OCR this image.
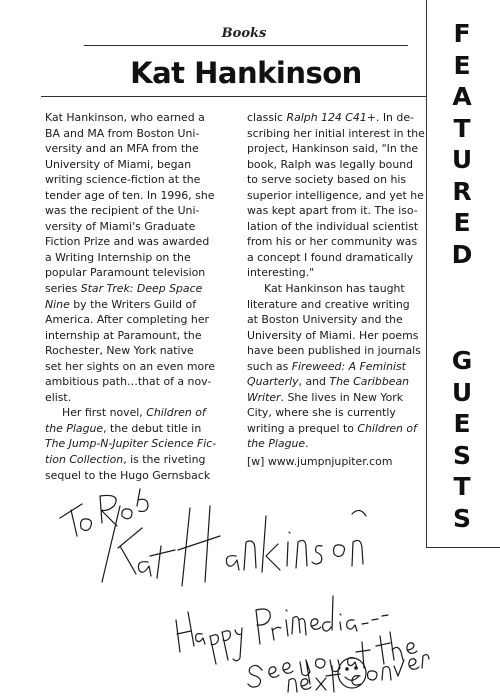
Books
Kat Hankinson
Kat Hankinson, who earned a
BA and MA from Boston Uni-
versity and an MFA from the
University of Miami, began
writing science-fiction at the
tender age of ten. In 1996, she
was the recipient of the Uni-
versity of Miami's Graduate
Fiction Prize and was awarded
a Writing Internship on the
popular Paramount television
series Star Trek: Deep Space
Nine by the Writers Guild of
America. After completing her
internship at Paramount, the
Rochester, New York native
set her sights on an even more
ambitious path…that of a nov-
elist.
Her first novel, Children of
the Plague, the debut title in
The Jump-N-Jupiter Science Fic-
tion Collection, is the riveting
sequel to the Hugo Gernsback
classic Ralph 124 C41+. In de-
scribing her initial interest in the
project, Hankinson said, "In the
book, Ralph was legally bound
to serve society based on his
superior intelligence, and yet he
was kept apart from it. The iso-
lation of the individual scientist
from his or her community was
a concept I found dramatically
interesting."
Kat Hankinson has taught
literature and creative writing
at Boston University and the
University of Miami. Her poems
have been published in journals
such as Fireweed: A Feminist
Quarterly, and The Caribbean
Writer. She lives in New York
City, where she is currently
writing a prequel to Children of
the Plague.
[w] www.jumpnjupiter.com
F
E
A
T
U
R
E
D
G
U
E
S
T
S
